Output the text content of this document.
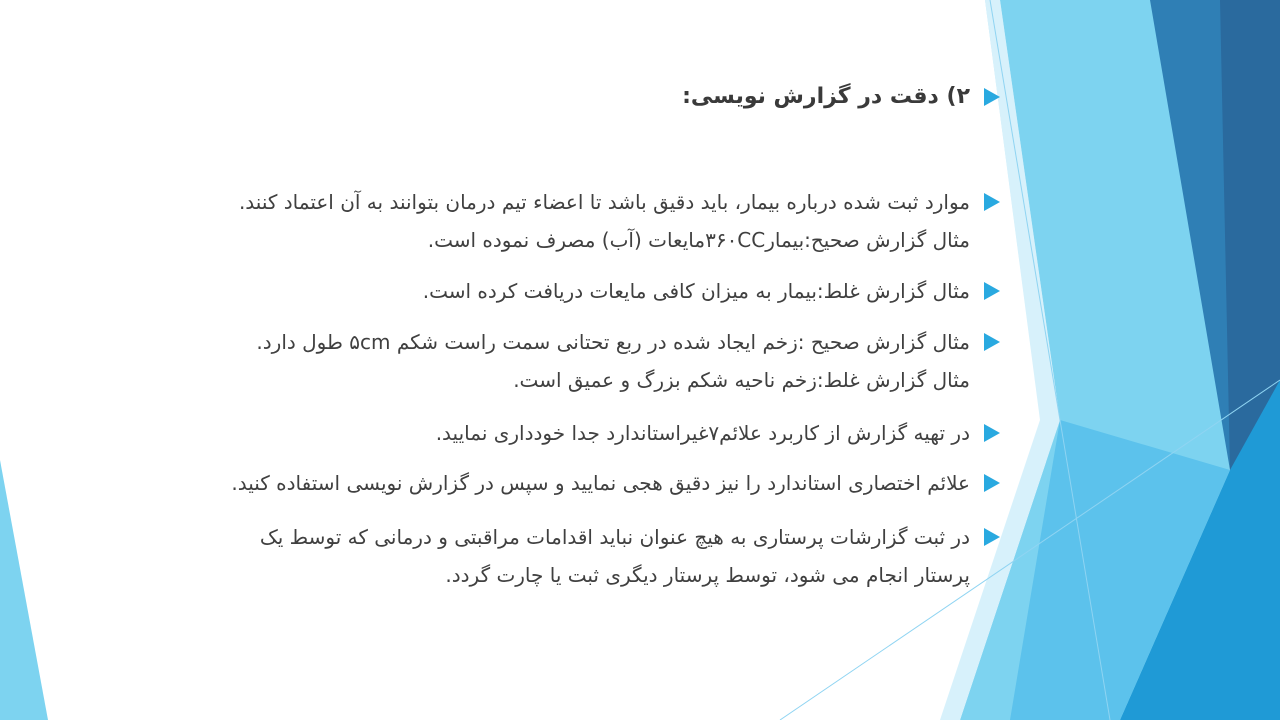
۲) دقت در گزارش نویسی:
موارد ثبت شده درباره بیمار، باید دقیق باشد تا اعضاء تیم درمان بتوانند به آن اعتماد کنند.
مثال گزارش صحیح:بیمار۳۶۰CCمایعات (آب) مصرف نموده است.
مثال گزارش غلط:بیمار به میزان کافی مایعات دریافت کرده است.
مثال گزارش صحیح :زخم ایجاد شده در ربع تحتانی سمت راست شکم ۵cm طول دارد.
مثال گزارش غلط:زخم ناحیه شکم بزرگ و عمیق است.
در تهیه گزارش از کاربرد علائم۷غیراستاندارد جدا خودداری نمایید.
علائم اختصاری استاندارد را نیز دقیق هجی نمایید و سپس در گزارش نویسی استفاده کنید.
در ثبت گزارشات پرستاری به هیچ عنوان نباید اقدامات مراقبتی و درمانی که توسط یک
پرستار انجام می شود، توسط پرستار دیگری ثبت یا چارت گردد.
